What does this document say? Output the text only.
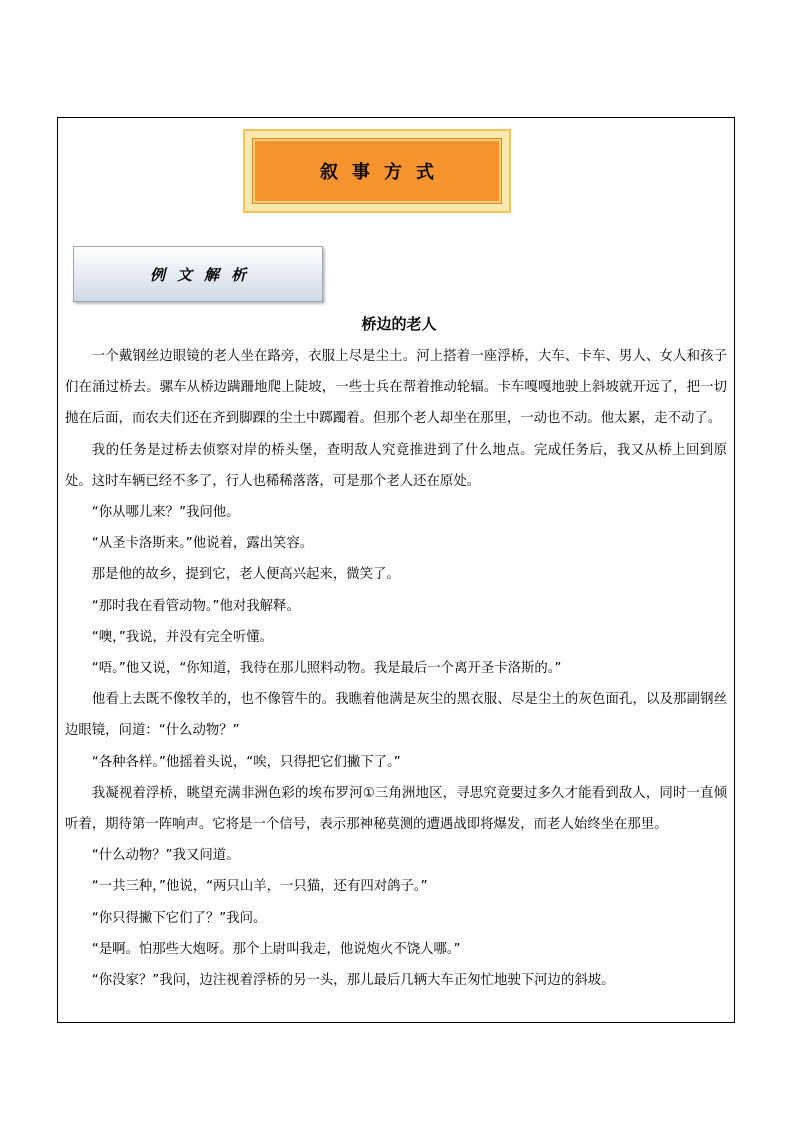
叙事方式
例文解析
桥边的老人

一个戴钢丝边眼镜的老人坐在路旁，衣服上尽是尘土。河上搭着一座浮桥，大车、卡车、男人、女人和孩子们在涌过桥去。骡车从桥边蹒跚地爬上陡坡，一些士兵在帮着推动轮辐。卡车嘎嘎地驶上斜坡就开远了，把一切抛在后面，而农夫们还在齐到脚踝的尘土中踯躅着。但那个老人却坐在那里，一动也不动。他太累，走不动了。

我的任务是过桥去侦察对岸的桥头堡，查明敌人究竟推进到了什么地点。完成任务后，我又从桥上回到原处。这时车辆已经不多了，行人也稀稀落落，可是那个老人还在原处。

“你从哪儿来？”我问他。

“从圣卡洛斯来。”他说着，露出笑容。

那是他的故乡，提到它，老人便高兴起来，微笑了。

“那时我在看管动物。”他对我解释。

“噢，”我说，并没有完全听懂。

“唔。”他又说，“你知道，我待在那儿照料动物。我是最后一个离开圣卡洛斯的。”

他看上去既不像牧羊的，也不像管牛的。我瞧着他满是灰尘的黑衣服、尽是尘土的灰色面孔，以及那副钢丝边眼镜，问道：“什么动物？”

“各种各样。”他摇着头说，“唉，只得把它们撇下了。”

我凝视着浮桥，眺望充满非洲色彩的埃布罗河①三角洲地区，寻思究竟要过多久才能看到敌人，同时一直倾听着，期待第一阵响声。它将是一个信号，表示那神秘莫测的遭遇战即将爆发，而老人始终坐在那里。

“什么动物？”我又问道。

“一共三种，”他说，“两只山羊，一只猫，还有四对鸽子。”

“你只得撇下它们了？”我问。

“是啊。怕那些大炮呀。那个上尉叫我走，他说炮火不饶人哪。”

“你没家？”我问，边注视着浮桥的另一头，那儿最后几辆大车正匆忙地驶下河边的斜坡。
